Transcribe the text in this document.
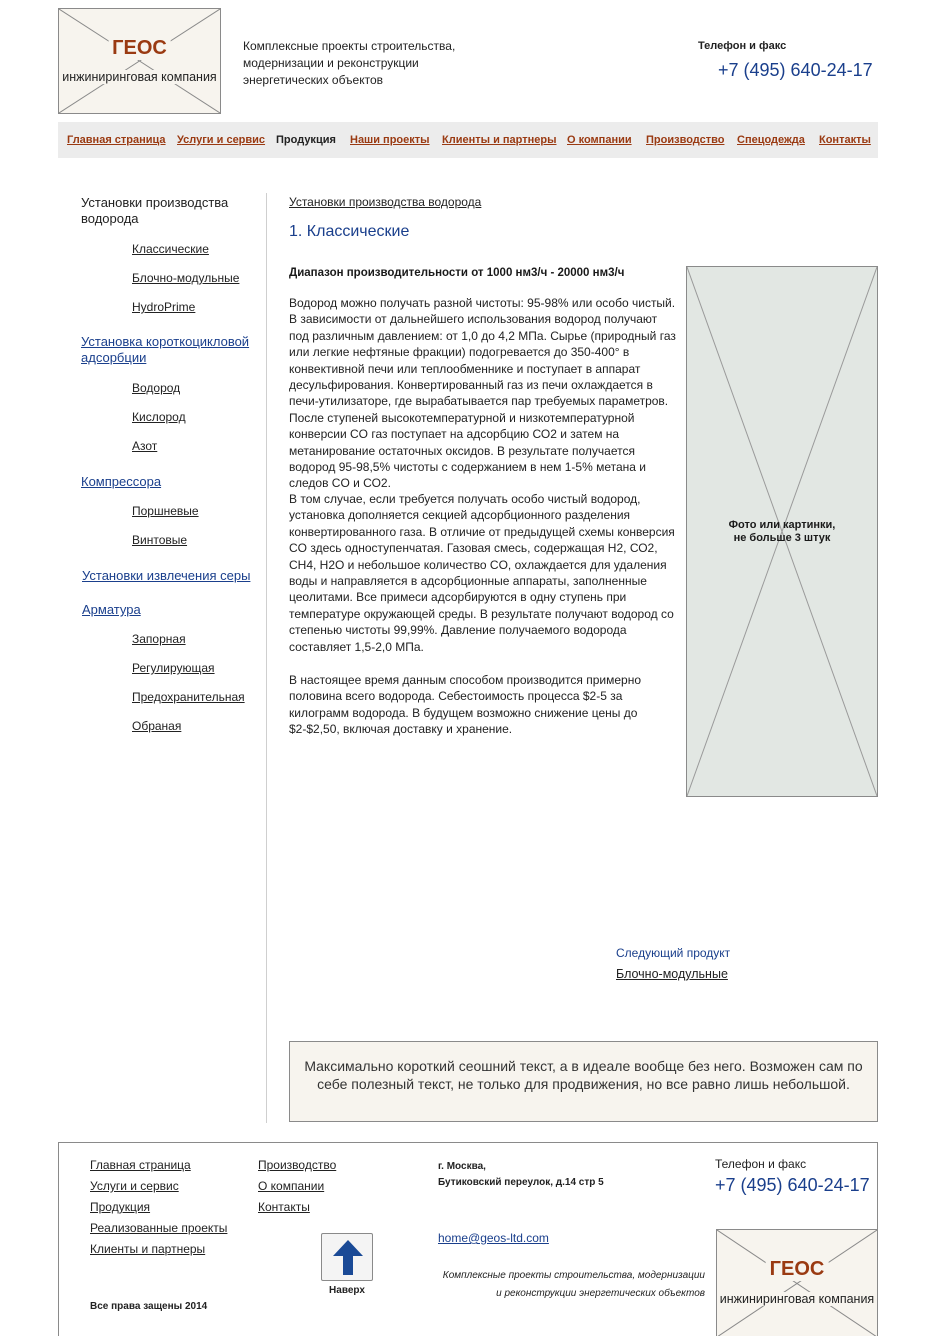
ГЕОС
инжиниринговая компания
Комплексные проекты строительства, модернизации и реконструкции энергетических объектов
Телефон и факс
+7 (495) 640-24-17
Главная страница Услуги и сервис Продукция Наши проекты Клиенты и партнеры О компании Производство Спецодежда Контакты
Установки производства водорода
Классические
Блочно-модульные
HydroPrime
Установка короткоцикловой адсорбции
Водород
Кислород
Азот
Компрессора
Поршневые
Винтовые
Установки извлечения серы
Арматура
Запорная
Регулирующая
Предохранительная
Обраная
Установки производства водорода
1. Классические
Диапазон производительности от 1000 нм3/ч - 20000 нм3/ч
Водород можно получать разной чистоты: 95-98% или особо чистый. В зависимости от дальнейшего использования водород получают под различным давлением: от 1,0 до 4,2 МПа. Сырье (природный газ или легкие нефтяные фракции) подогревается до 350-400° в конвективной печи или теплообменнике и поступает в аппарат десульфирования. Конвертированный газ из печи охлаждается в печи-утилизаторе, где вырабатывается пар требуемых параметров. После ступеней высокотемпературной и низкотемпературной конверсии CO газ поступает на адсорбцию СО2 и затем на метанирование остаточных оксидов. В результате получается водород 95-98,5% чистоты с содержанием в нем 1-5% метана и следов CO и СО2.
В том случае, если требуется получать особо чистый водород, установка дополняется секцией адсорбционного разделения конвертированного газа. В отличие от предыдущей схемы конверсия CO здесь одноступенчатая. Газовая смесь, содержащая Н2, СО2, СН4, Н2О и небольшое количество CO, охлаждается для удаления воды и направляется в адсорбционные аппараты, заполненные цеолитами. Все примеси адсорбируются в одну ступень при температуре окружающей среды. В результате получают водород со степенью чистоты 99,99%. Давление получаемого водорода составляет 1,5-2,0 МПа.
В настоящее время данным способом производится примерно половина всего водорода. Себестоимость процесса $2-5 за килограмм водорода. В будущем возможно снижение цены до $2-$2,50, включая доставку и хранение.
Фото или картинки,
не больше 3 штук
Следующий продукт
Блочно-модульные
Максимально короткий сеошний текст, а в идеале вообще без него. Возможен сам по себе полезный текст, не только для продвижения, но все равно лишь небольшой.
Главная страница
Услуги и сервис
Продукция
Реализованные проекты
Клиенты и партнеры
Производство
О компании
Контакты
Наверх
г. Москва,
Бутиковский переулок, д.14 стр 5
home@geos-ltd.com
Комплексные проекты строительства, модернизации
и реконструкции энергетических объектов
Телефон и факс
+7 (495) 640-24-17
Все права защены 2014
ГЕОС
инжиниринговая компания
